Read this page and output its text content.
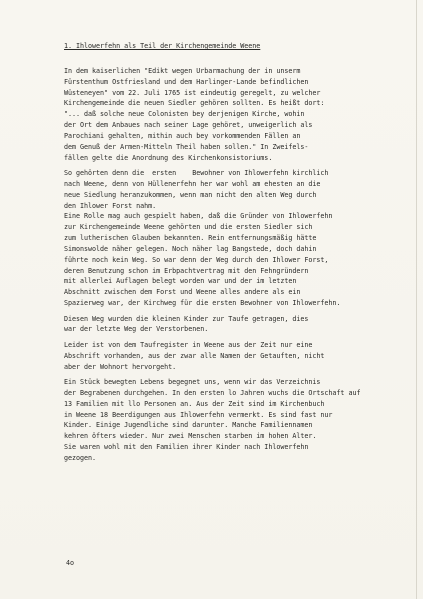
1. Ihlowerfehn als Teil der Kirchengemeinde Weene
In dem kaiserlichen "Edikt wegen Urbarmachung der in unserm
Fürstenthum Ostfriesland und dem Harlinger-Lande befindlichen
Wüsteneyen" vom 22. Juli 1765 ist eindeutig geregelt, zu welcher
Kirchengemeinde die neuen Siedler gehören sollten. Es heißt dort:
"... daß solche neue Colonisten bey derjenigen Kirche, wohin
der Ort dem Anbaues nach seiner Lage gehöret, unweigerlich als
Parochiani gehalten, mithin auch bey vorkommenden Fällen an
dem Genuß der Armen-Mitteln Theil haben sollen." In Zweifels-
fällen gelte die Anordnung des Kirchenkonsistoriums.
So gehörten denn die  ersten    Bewohner von Ihlowerfehn kirchlich
nach Weene, denn von Hüllenerfehn her war wohl am ehesten an die
neue Siedlung heranzukommen, wenn man nicht den alten Weg durch
den Ihlower Forst nahm.
Eine Rolle mag auch gespielt haben, daß die Gründer von Ihlowerfehn
zur Kirchengemeinde Weene gehörten und die ersten Siedler sich
zum lutherischen Glauben bekannten. Rein entfernungsmäßig hätte
Simonswolde näher gelegen. Noch näher lag Bangstede, doch dahin
führte noch kein Weg. So war denn der Weg durch den Ihlower Forst,
deren Benutzung schon im Erbpachtvertrag mit den Fehngründern
mit allerlei Auflagen belegt worden war und der im letzten
Abschnitt zwischen dem Forst und Weene alles andere als ein
Spazierweg war, der Kirchweg für die ersten Bewohner von Ihlowerfehn.
Diesen Weg wurden die kleinen Kinder zur Taufe getragen, dies
war der letzte Weg der Verstorbenen.
Leider ist von dem Taufregister in Weene aus der Zeit nur eine
Abschrift vorhanden, aus der zwar alle Namen der Getauften, nicht
aber der Wohnort hervorgeht.
Ein Stück bewegten Lebens begegnet uns, wenn wir das Verzeichnis
der Begrabenen durchgehen. In den ersten lo Jahren wuchs die Ortschaft auf
13 Familien mit llo Personen an. Aus der Zeit sind im Kirchenbuch
in Weene 18 Beerdigungen aus Ihlowerfehn vermerkt. Es sind fast nur
Kinder. Einige Jugendliche sind darunter. Manche Familiennamen
kehren öfters wieder. Nur zwei Menschen starben im hohen Alter.
Sie waren wohl mit den Familien ihrer Kinder nach Ihlowerfehn
gezogen.
4o
